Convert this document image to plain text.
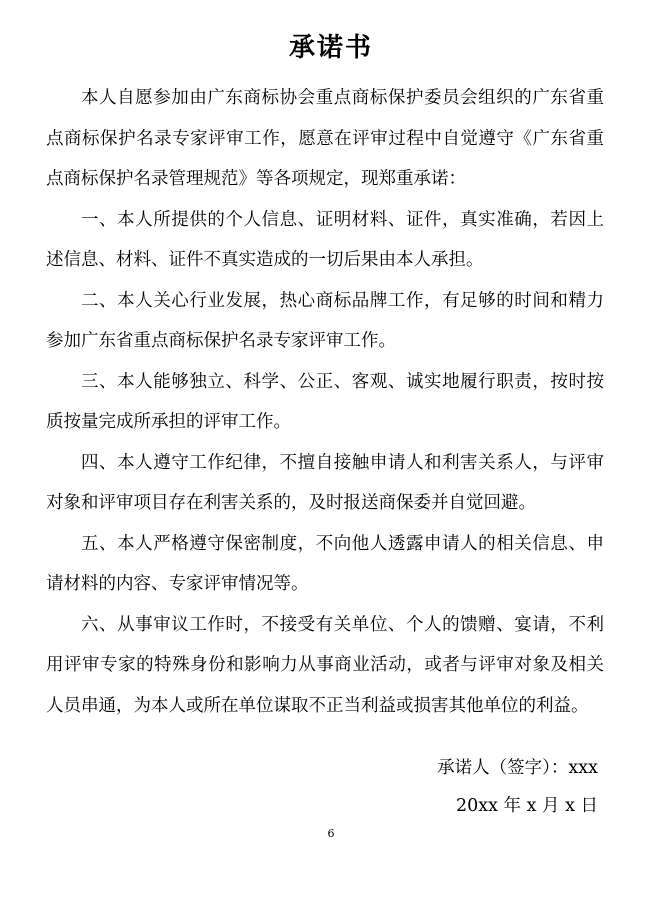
承诺书

本人自愿参加由广东商标协会重点商标保护委员会组织的广东省重点商标保护名录专家评审工作，愿意在评审过程中自觉遵守《广东省重点商标保护名录管理规范》等各项规定，现郑重承诺：

一、本人所提供的个人信息、证明材料、证件，真实准确，若因上述信息、材料、证件不真实造成的一切后果由本人承担。

二、本人关心行业发展，热心商标品牌工作，有足够的时间和精力参加广东省重点商标保护名录专家评审工作。

三、本人能够独立、科学、公正、客观、诚实地履行职责，按时按质按量完成所承担的评审工作。

四、本人遵守工作纪律，不擅自接触申请人和利害关系人，与评审对象和评审项目存在利害关系的，及时报送商保委并自觉回避。

五、本人严格遵守保密制度，不向他人透露申请人的相关信息、申请材料的内容、专家评审情况等。

六、从事审议工作时，不接受有关单位、个人的馈赠、宴请，不利用评审专家的特殊身份和影响力从事商业活动，或者与评审对象及相关人员串通，为本人或所在单位谋取不正当利益或损害其他单位的利益。

承诺人（签字）：xxx
20xx 年 x 月 x 日
6
